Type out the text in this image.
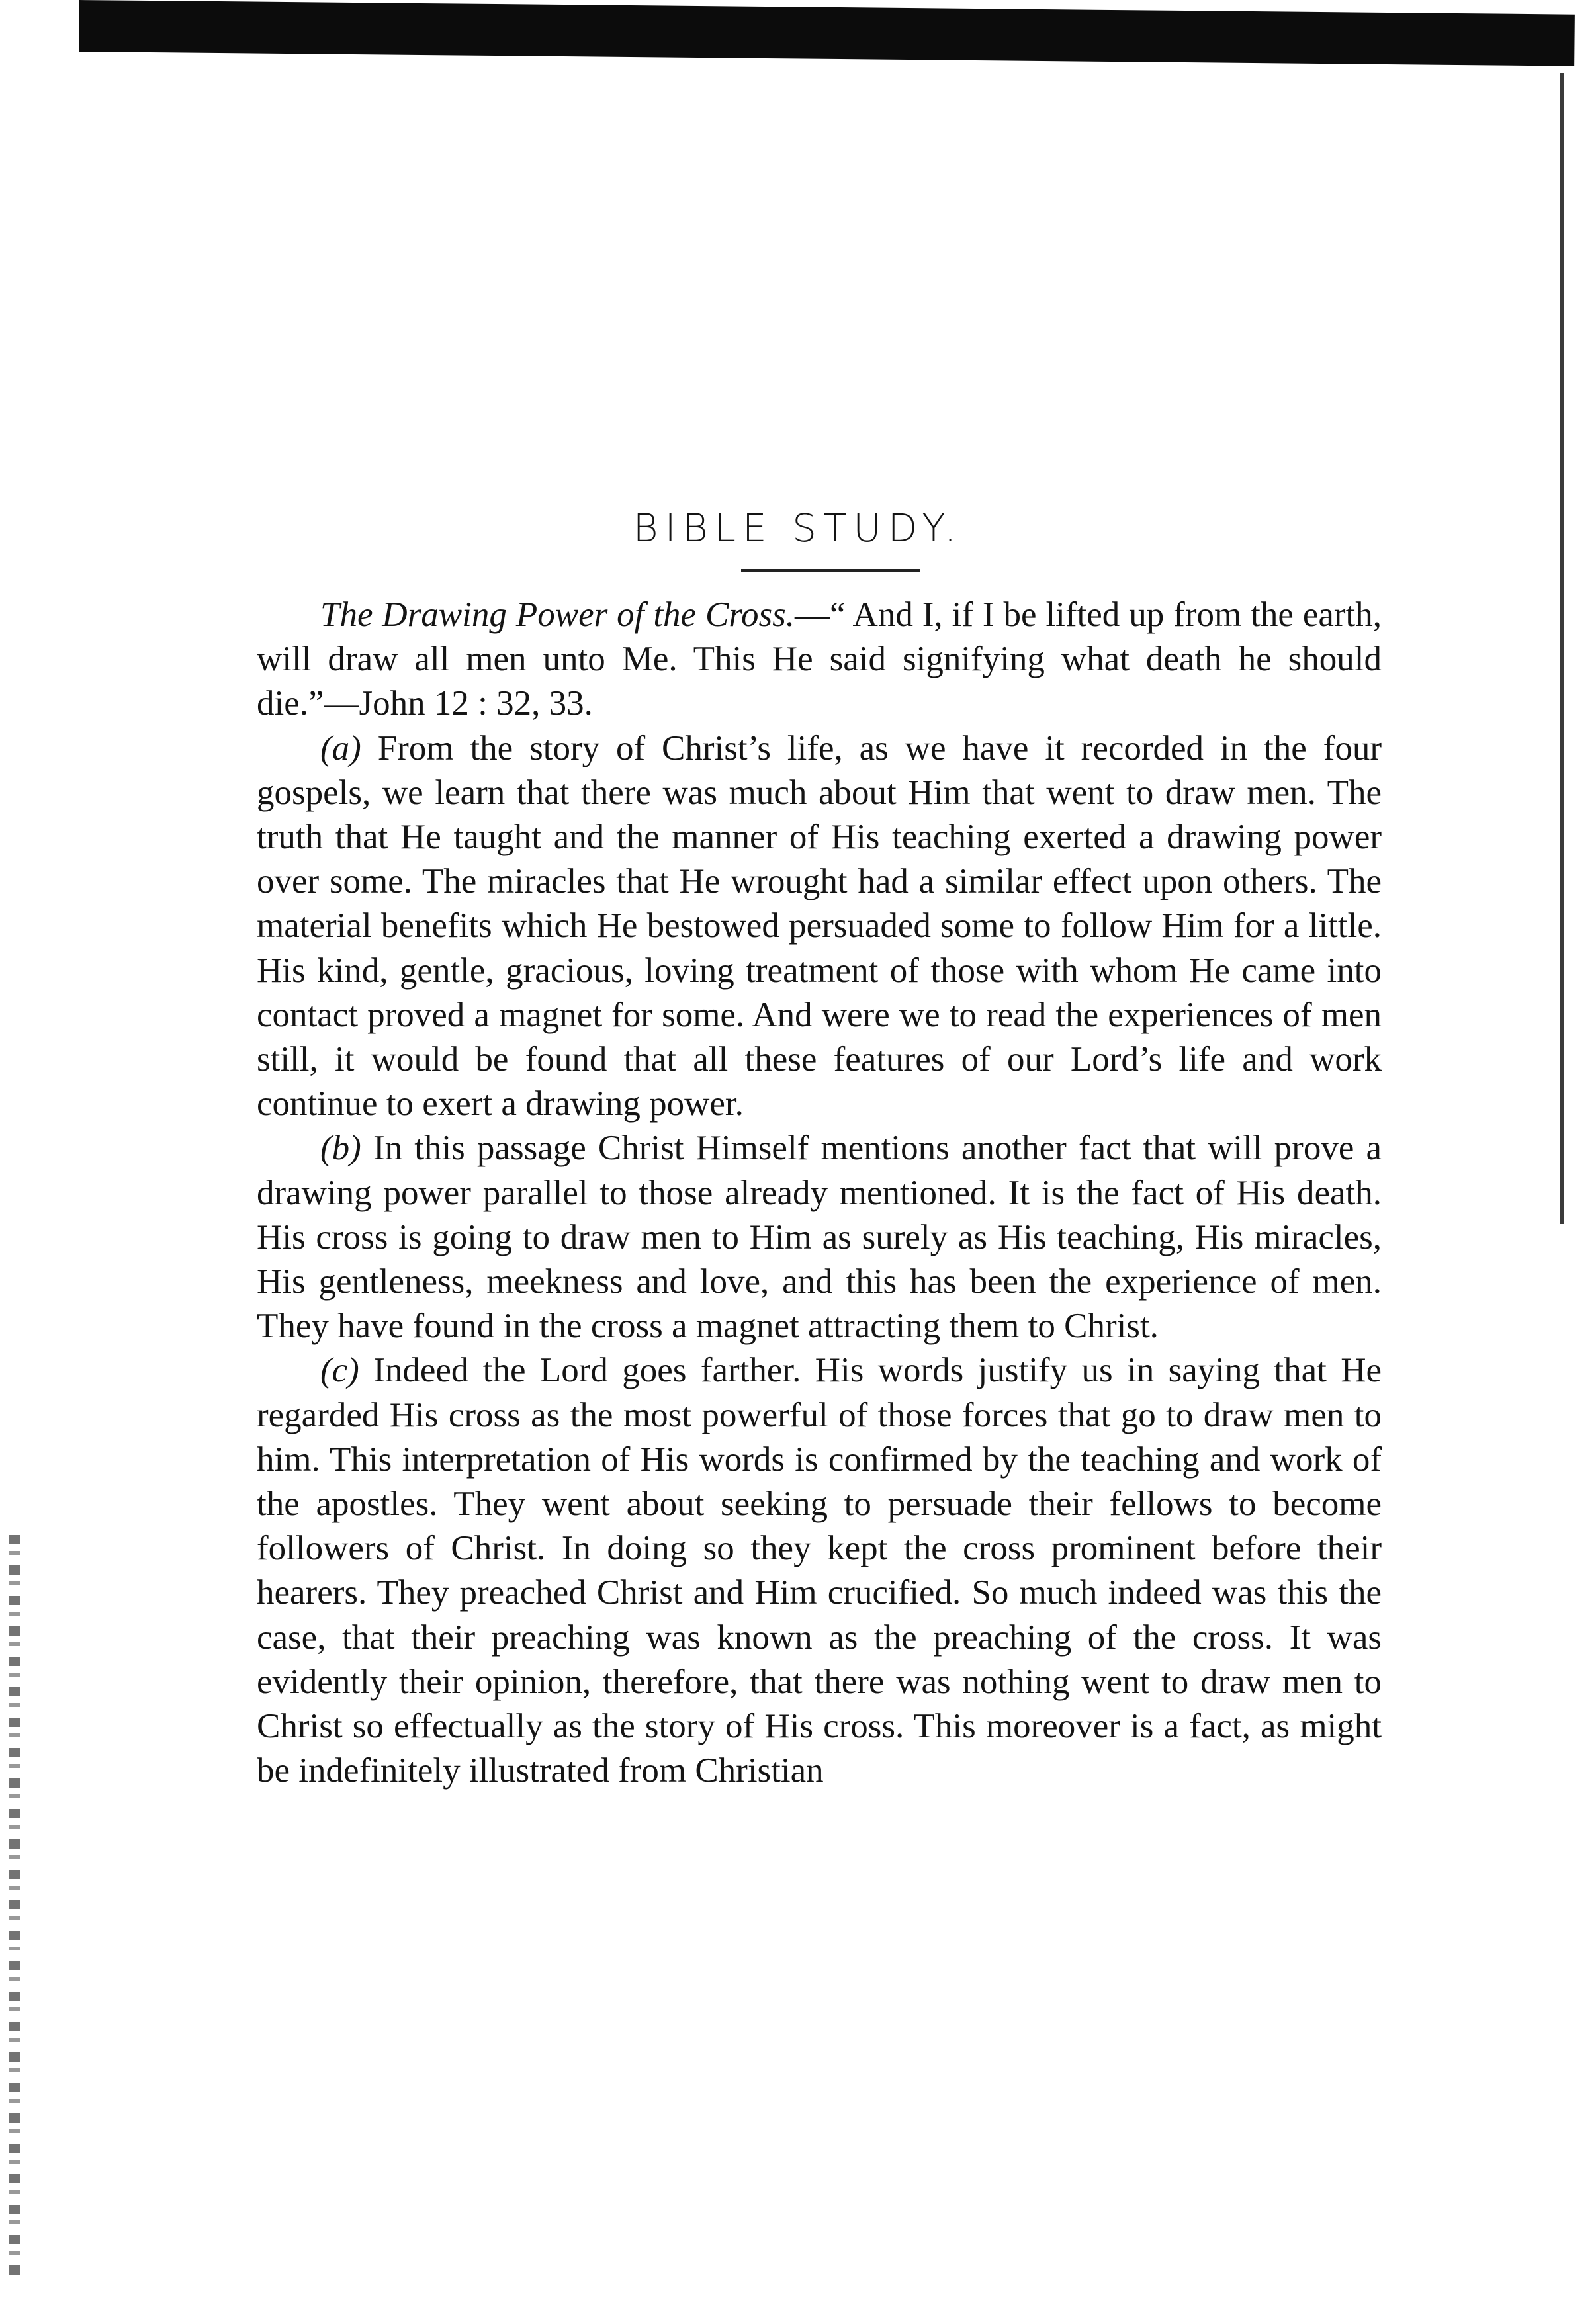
BIBLE STUDY.

The Drawing Power of the Cross.—“ And I, if I be lifted up from the earth, will draw all men unto Me. This He said signifying what death he should die.”—John 12 : 32, 33.

(a) From the story of Christ’s life, as we have it recorded in the four gospels, we learn that there was much about Him that went to draw men. The truth that He taught and the manner of His teaching exerted a drawing power over some. The miracles that He wrought had a similar effect upon others. The material benefits which He bestowed persuaded some to follow Him for a little. His kind, gentle, gracious, loving treatment of those with whom He came into contact proved a magnet for some. And were we to read the experiences of men still, it would be found that all these features of our Lord’s life and work continue to exert a drawing power.

(b) In this passage Christ Himself mentions another fact that will prove a drawing power parallel to those already mentioned. It is the fact of His death. His cross is going to draw men to Him as surely as His teaching, His miracles, His gentleness, meekness and love, and this has been the experience of men. They have found in the cross a magnet attracting them to Christ.

(c) Indeed the Lord goes farther. His words justify us in saying that He regarded His cross as the most powerful of those forces that go to draw men to him. This interpretation of His words is confirmed by the teaching and work of the apostles. They went about seeking to persuade their fellows to become followers of Christ. In doing so they kept the cross prominent before their hearers. They preached Christ and Him crucified. So much indeed was this the case, that their preaching was known as the preaching of the cross. It was evidently their opinion, therefore, that there was nothing went to draw men to Christ so effectually as the story of His cross. This moreover is a fact, as might be indefinitely illustrated from Christian
